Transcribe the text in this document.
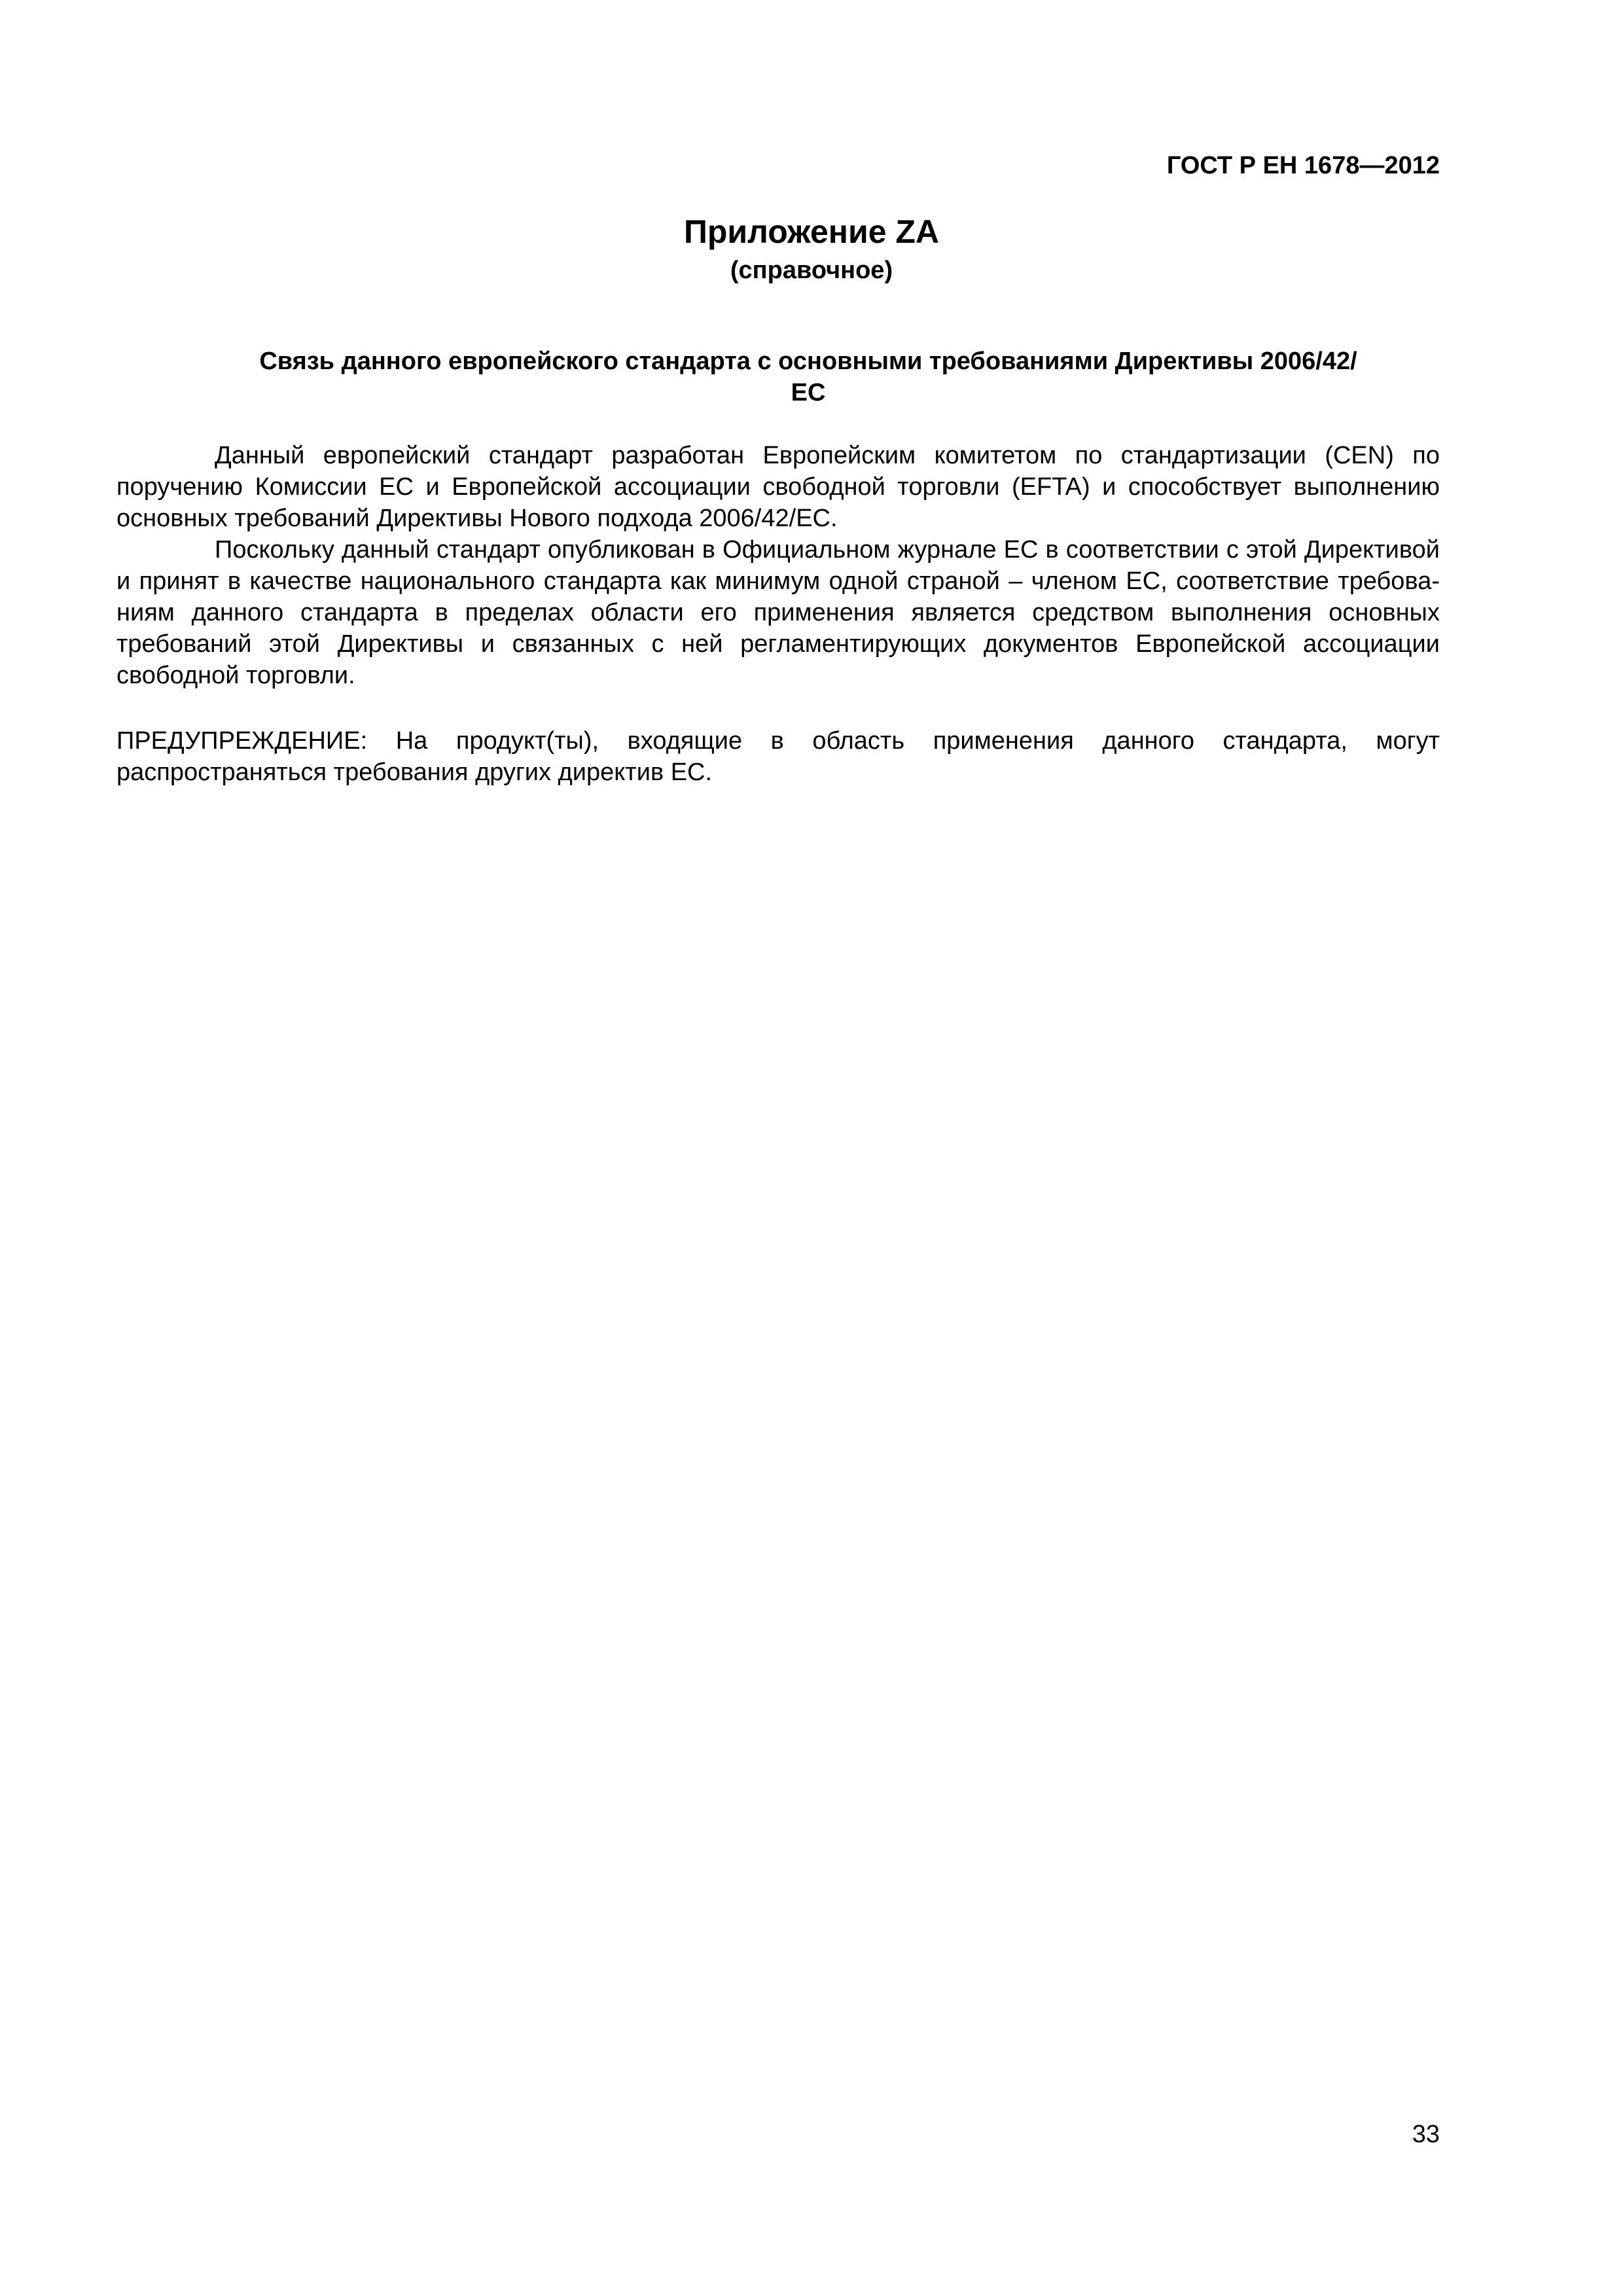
ГОСТ Р ЕН 1678—2012
Приложение ZA
(справочное)
Связь данного европейского стандарта с основными требованиями Директивы 2006/42/ЕС

Данный европейский стандарт разработан Европейским комитетом по стандартизации (CEN) по поручению Комиссии ЕС и Европейской ассоциации свободной торговли (EFTA) и способствует выполнению основных требований Директивы Нового подхода 2006/42/ЕС.

Поскольку данный стандарт опубликован в Официальном журнале ЕС в соответствии с этой Директивой и принят в качестве национального стандарта как минимум одной страной – членом ЕС, соответствие требова-ниям данного стандарта в пределах области его применения является средством выполнения основных требований этой Директивы и связанных с ней регламентирующих документов Европейской ассоциации свободной торговли.

ПРЕДУПРЕЖДЕНИЕ: На продукт(ты), входящие в область применения данного стандарта, могут распространяться требования других директив ЕС.

33
